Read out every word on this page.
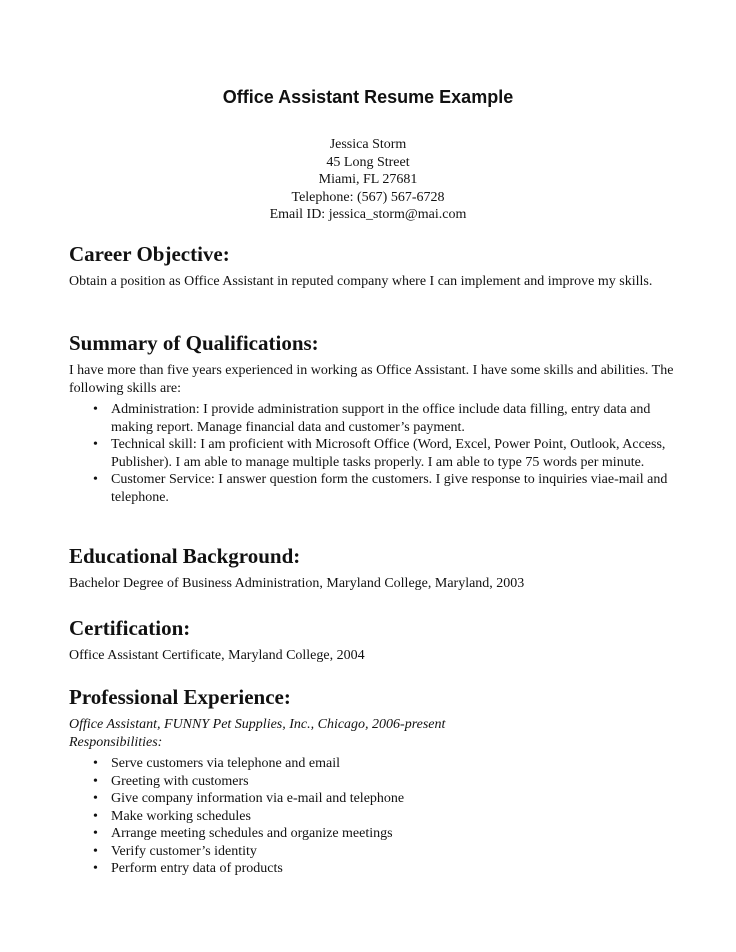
Office Assistant Resume Example
Jessica Storm
45 Long Street
Miami, FL 27681
Telephone: (567) 567-6728
Email ID: jessica_storm@mai.com
Career Objective:

Obtain a position as Office Assistant in reputed company where I can implement and improve my skills.

Summary of Qualifications:

I have more than five years experienced in working as Office Assistant. I have some skills and abilities. The following skills are:

• Administration: I provide administration support in the office include data filling, entry data and making report. Manage financial data and customer’s payment.
• Technical skill: I am proficient with Microsoft Office (Word, Excel, Power Point, Outlook, Access, Publisher). I am able to manage multiple tasks properly. I am able to type 75 words per minute.
• Customer Service: I answer question form the customers. I give response to inquiries viae-mail and telephone.
Educational Background:

Bachelor Degree of Business Administration, Maryland College, Maryland, 2003

Certification:

Office Assistant Certificate, Maryland College, 2004

Professional Experience:

Office Assistant, FUNNY Pet Supplies, Inc., Chicago, 2006-present

Responsibilities:

• Serve customers via telephone and email
• Greeting with customers
• Give company information via e-mail and telephone
• Make working schedules
• Arrange meeting schedules and organize meetings
• Verify customer’s identity
• Perform entry data of products
